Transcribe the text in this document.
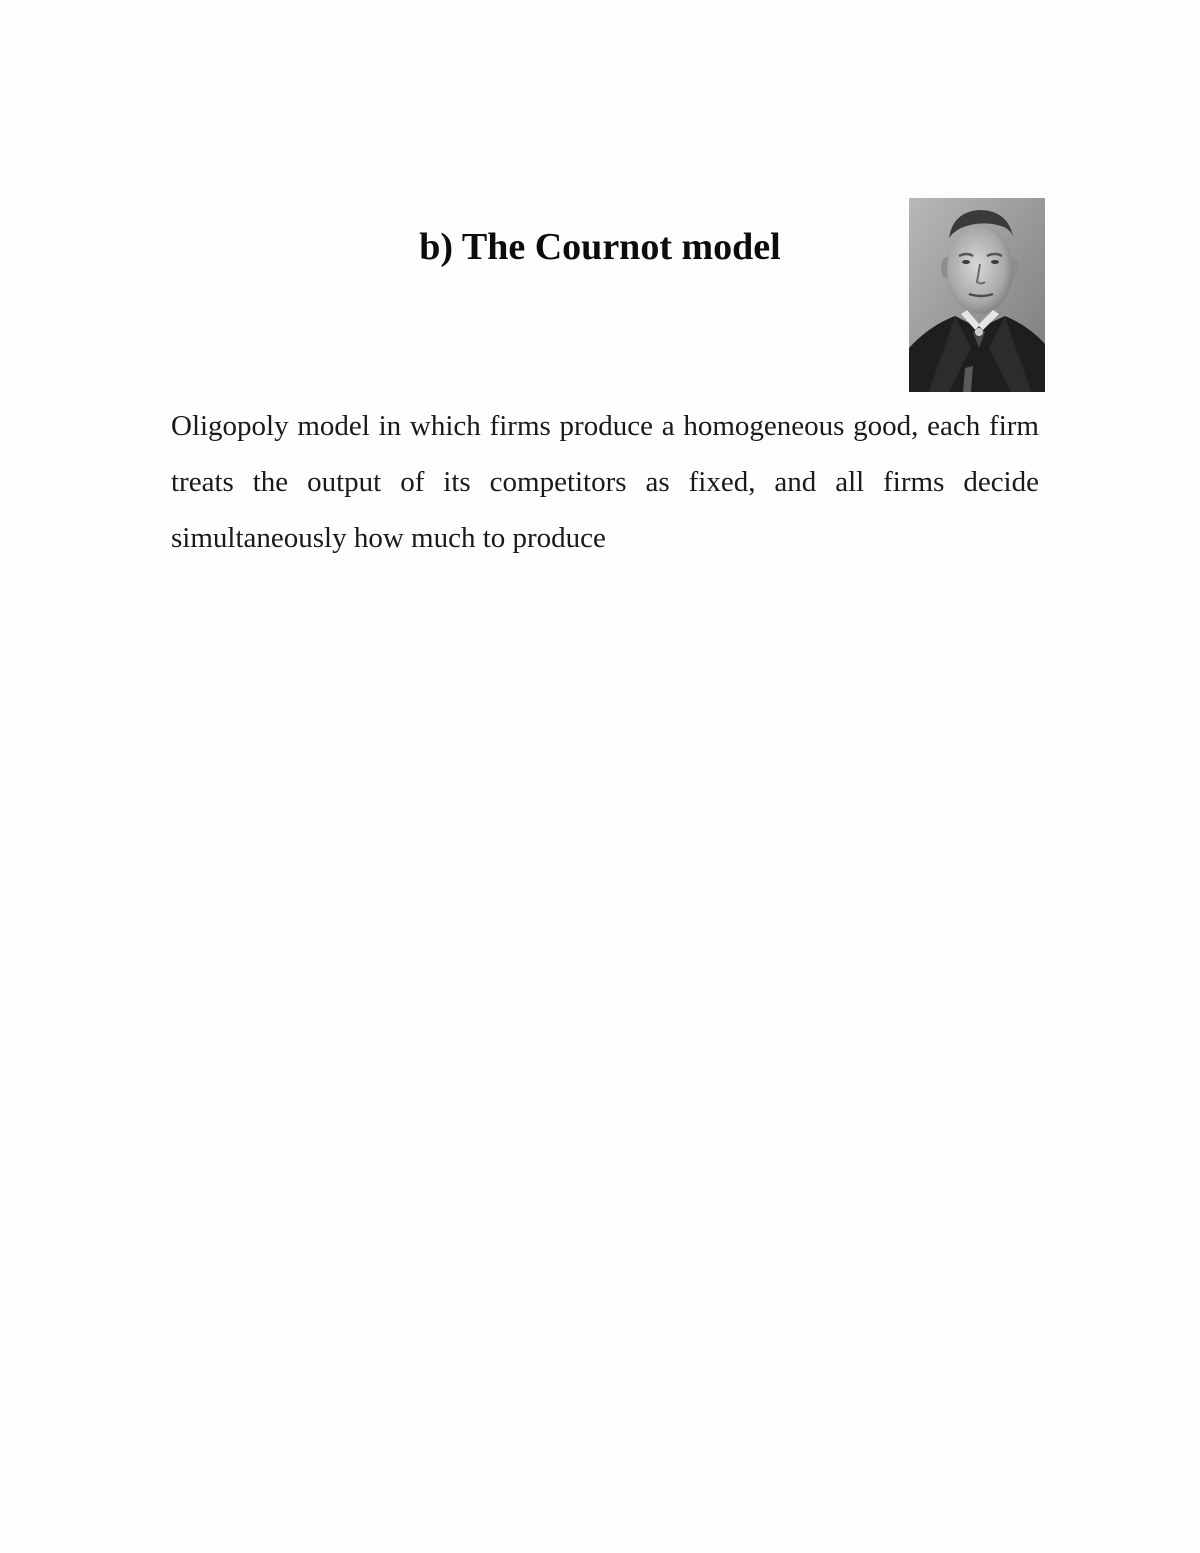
b) The Cournot model

Oligopoly model in which firms produce a homogeneous good, each firm treats the output of its competitors as fixed, and all firms decide simultaneously how much to produce
